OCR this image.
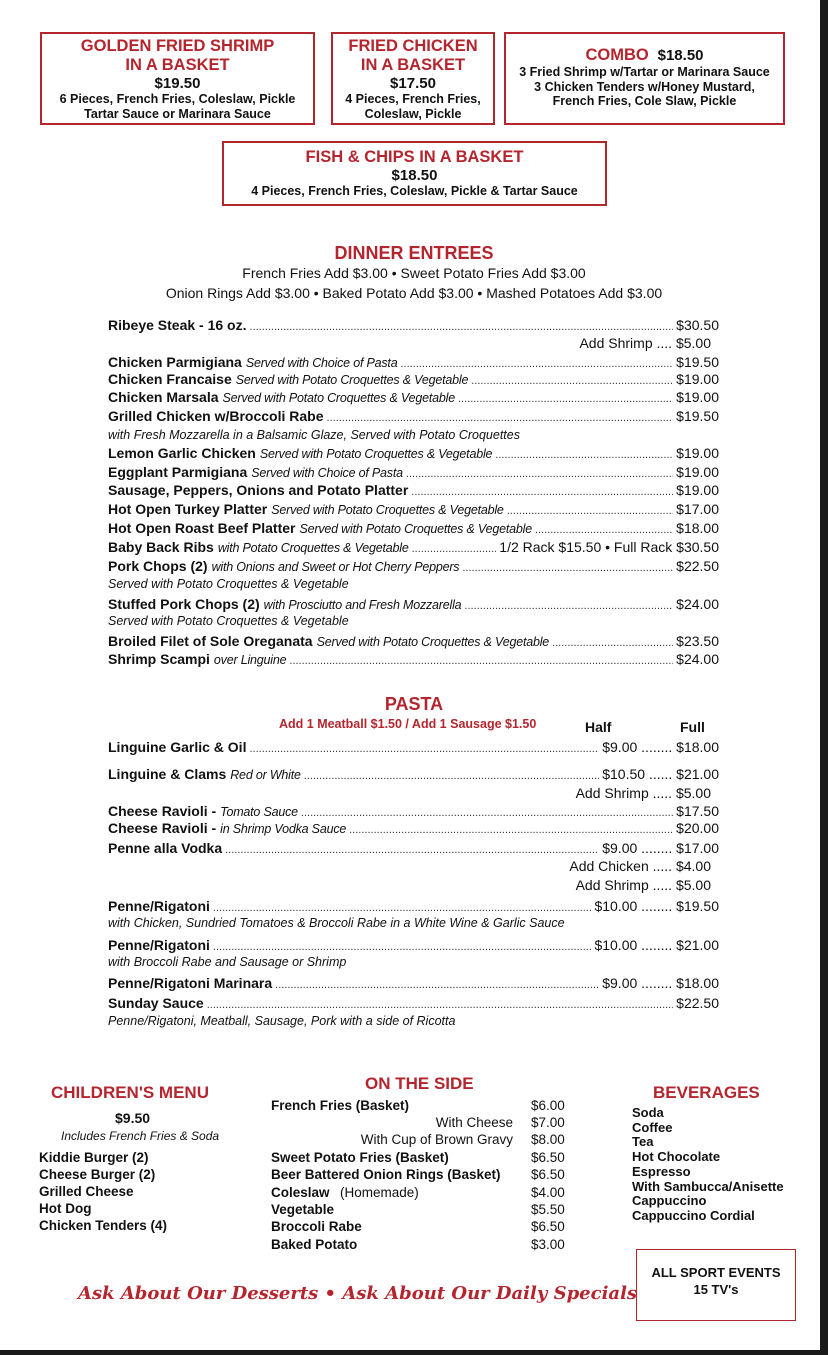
GOLDEN FRIED SHRIMP
IN A BASKET
$19.50
6 Pieces, French Fries, Coleslaw, Pickle
Tartar Sauce or Marinara Sauce
FRIED CHICKEN
IN A BASKET
$17.50
4 Pieces, French Fries,
Coleslaw, Pickle
COMBO $18.50
3 Fried Shrimp w/Tartar or Marinara Sauce
3 Chicken Tenders w/Honey Mustard,
French Fries, Cole Slaw, Pickle
FISH & CHIPS IN A BASKET
$18.50
4 Pieces, French Fries, Coleslaw, Pickle & Tartar Sauce
DINNER ENTREES
French Fries Add $3.00 • Sweet Potato Fries Add $3.00
Onion Rings Add $3.00 • Baked Potato Add $3.00 • Mashed Potatoes Add $3.00
Ribeye Steak - 16 oz. .....	$30.50
Chicken Parmigiana Served with Choice of Pasta .....	$19.50
Chicken Francaise Served with Potato Croquettes & Vegetable .....	$19.00
Chicken Marsala Served with Potato Croquettes & Vegetable .....	$19.00
Grilled Chicken w/Broccoli Rabe .....	$19.50
Lemon Garlic Chicken Served with Potato Croquettes & Vegetable .....	$19.00
Eggplant Parmigiana Served with Choice of Pasta .....	$19.00
Sausage, Peppers, Onions and Potato Platter .....	$19.00
Hot Open Turkey Platter Served with Potato Croquettes & Vegetable .....	$17.00
Hot Open Roast Beef Platter Served with Potato Croquettes & Vegetable .....	$18.00
Baby Back Ribs with Potato Croquettes & Vegetable .....	1/2 Rack $15.50 • Full Rack $30.50
Pork Chops (2) with Onions and Sweet or Hot Cherry Peppers .....	$22.50
Stuffed Pork Chops (2) with Prosciutto and Fresh Mozzarella .....	$24.00
Broiled Filet of Sole Oreganata Served with Potato Croquettes & Vegetable .....	$23.50
Shrimp Scampi over Linguine .....	$24.00
Add Shrimp .... $5.00
with Fresh Mozzarella in a Balsamic Glaze, Served with Potato Croquettes
Served with Potato Croquettes & Vegetable
Served with Potato Croquettes & Vegetable
PASTA
Add 1 Meatball $1.50 / Add 1 Sausage $1.50	Half	Full
Linguine Garlic & Oil .....	$9.00 ........ $18.00
Linguine & Clams Red or White .....	$10.50 ...... $21.00
Cheese Ravioli - Tomato Sauce .....	$17.50
Cheese Ravioli - in Shrimp Vodka Sauce .....	$20.00
Penne alla Vodka .....	$9.00 ........ $17.00
Penne/Rigatoni .....	$10.00 ........ $19.50
Penne/Rigatoni .....	$10.00 ........ $21.00
Penne/Rigatoni Marinara .....	$9.00 ........ $18.00
Sunday Sauce .....	$22.50
Add Shrimp ..... $5.00
Add Chicken ..... $4.00
Add Shrimp ..... $5.00
with Chicken, Sundried Tomatoes & Broccoli Rabe in a White Wine & Garlic Sauce
with Broccoli Rabe and Sausage or Shrimp
Penne/Rigatoni, Meatball, Sausage, Pork with a side of Ricotta
CHILDREN'S MENU
$9.50
Includes French Fries & Soda
Kiddie Burger (2)
Cheese Burger (2)
Grilled Cheese
Hot Dog
Chicken Tenders (4)
ON THE SIDE
French Fries (Basket)	$6.00
With Cheese $7.00
With Cup of Brown Gravy $8.00
Sweet Potato Fries (Basket)	$6.50
Beer Battered Onion Rings (Basket) $6.50
Coleslaw (Homemade)	$4.00
Vegetable	$5.50
Broccoli Rabe	$6.50
Baked Potato	$3.00
BEVERAGES
Soda
Coffee
Tea
Hot Chocolate
Espresso
With Sambucca/Anisette
Cappuccino
Cappuccino Cordial
Ask About Our Desserts • Ask About Our Daily Specials
ALL SPORT EVENTS
15 TV's
